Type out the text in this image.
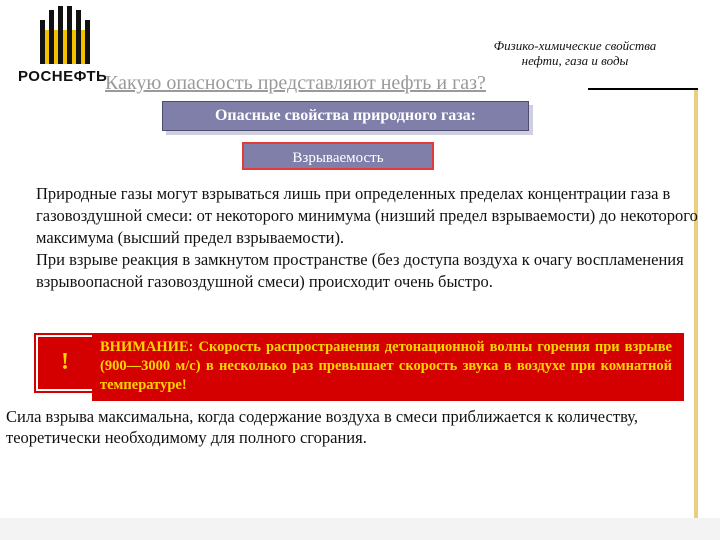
РОСНЕФТЬ
Физико-химические свойства
нефти, газа и воды
Какую опасность представляют нефть и газ?
Опасные свойства природного газа:
Взрываемость

Природные газы могут взрываться лишь при определенных пределах концентрации газа в газовоздушной смеси: от некоторого минимума (низший предел взрываемости) до некоторого максимума (высший предел взрываемости).

При взрыве реакция в замкнутом пространстве (без доступа воздуха к очагу воспламенения взрывоопасной газовоздушной смеси) происходит очень быстро.

!
ВНИМАНИЕ: Скорость распространения детонационной волны горения при взрыве (900—3000 м/с) в несколько раз превышает скорость звука в воздухе при комнатной температуре!

Сила взрыва максимальна, когда содержание воздуха в смеси приближается к количеству, теоретически необходимому для полного сгорания.
